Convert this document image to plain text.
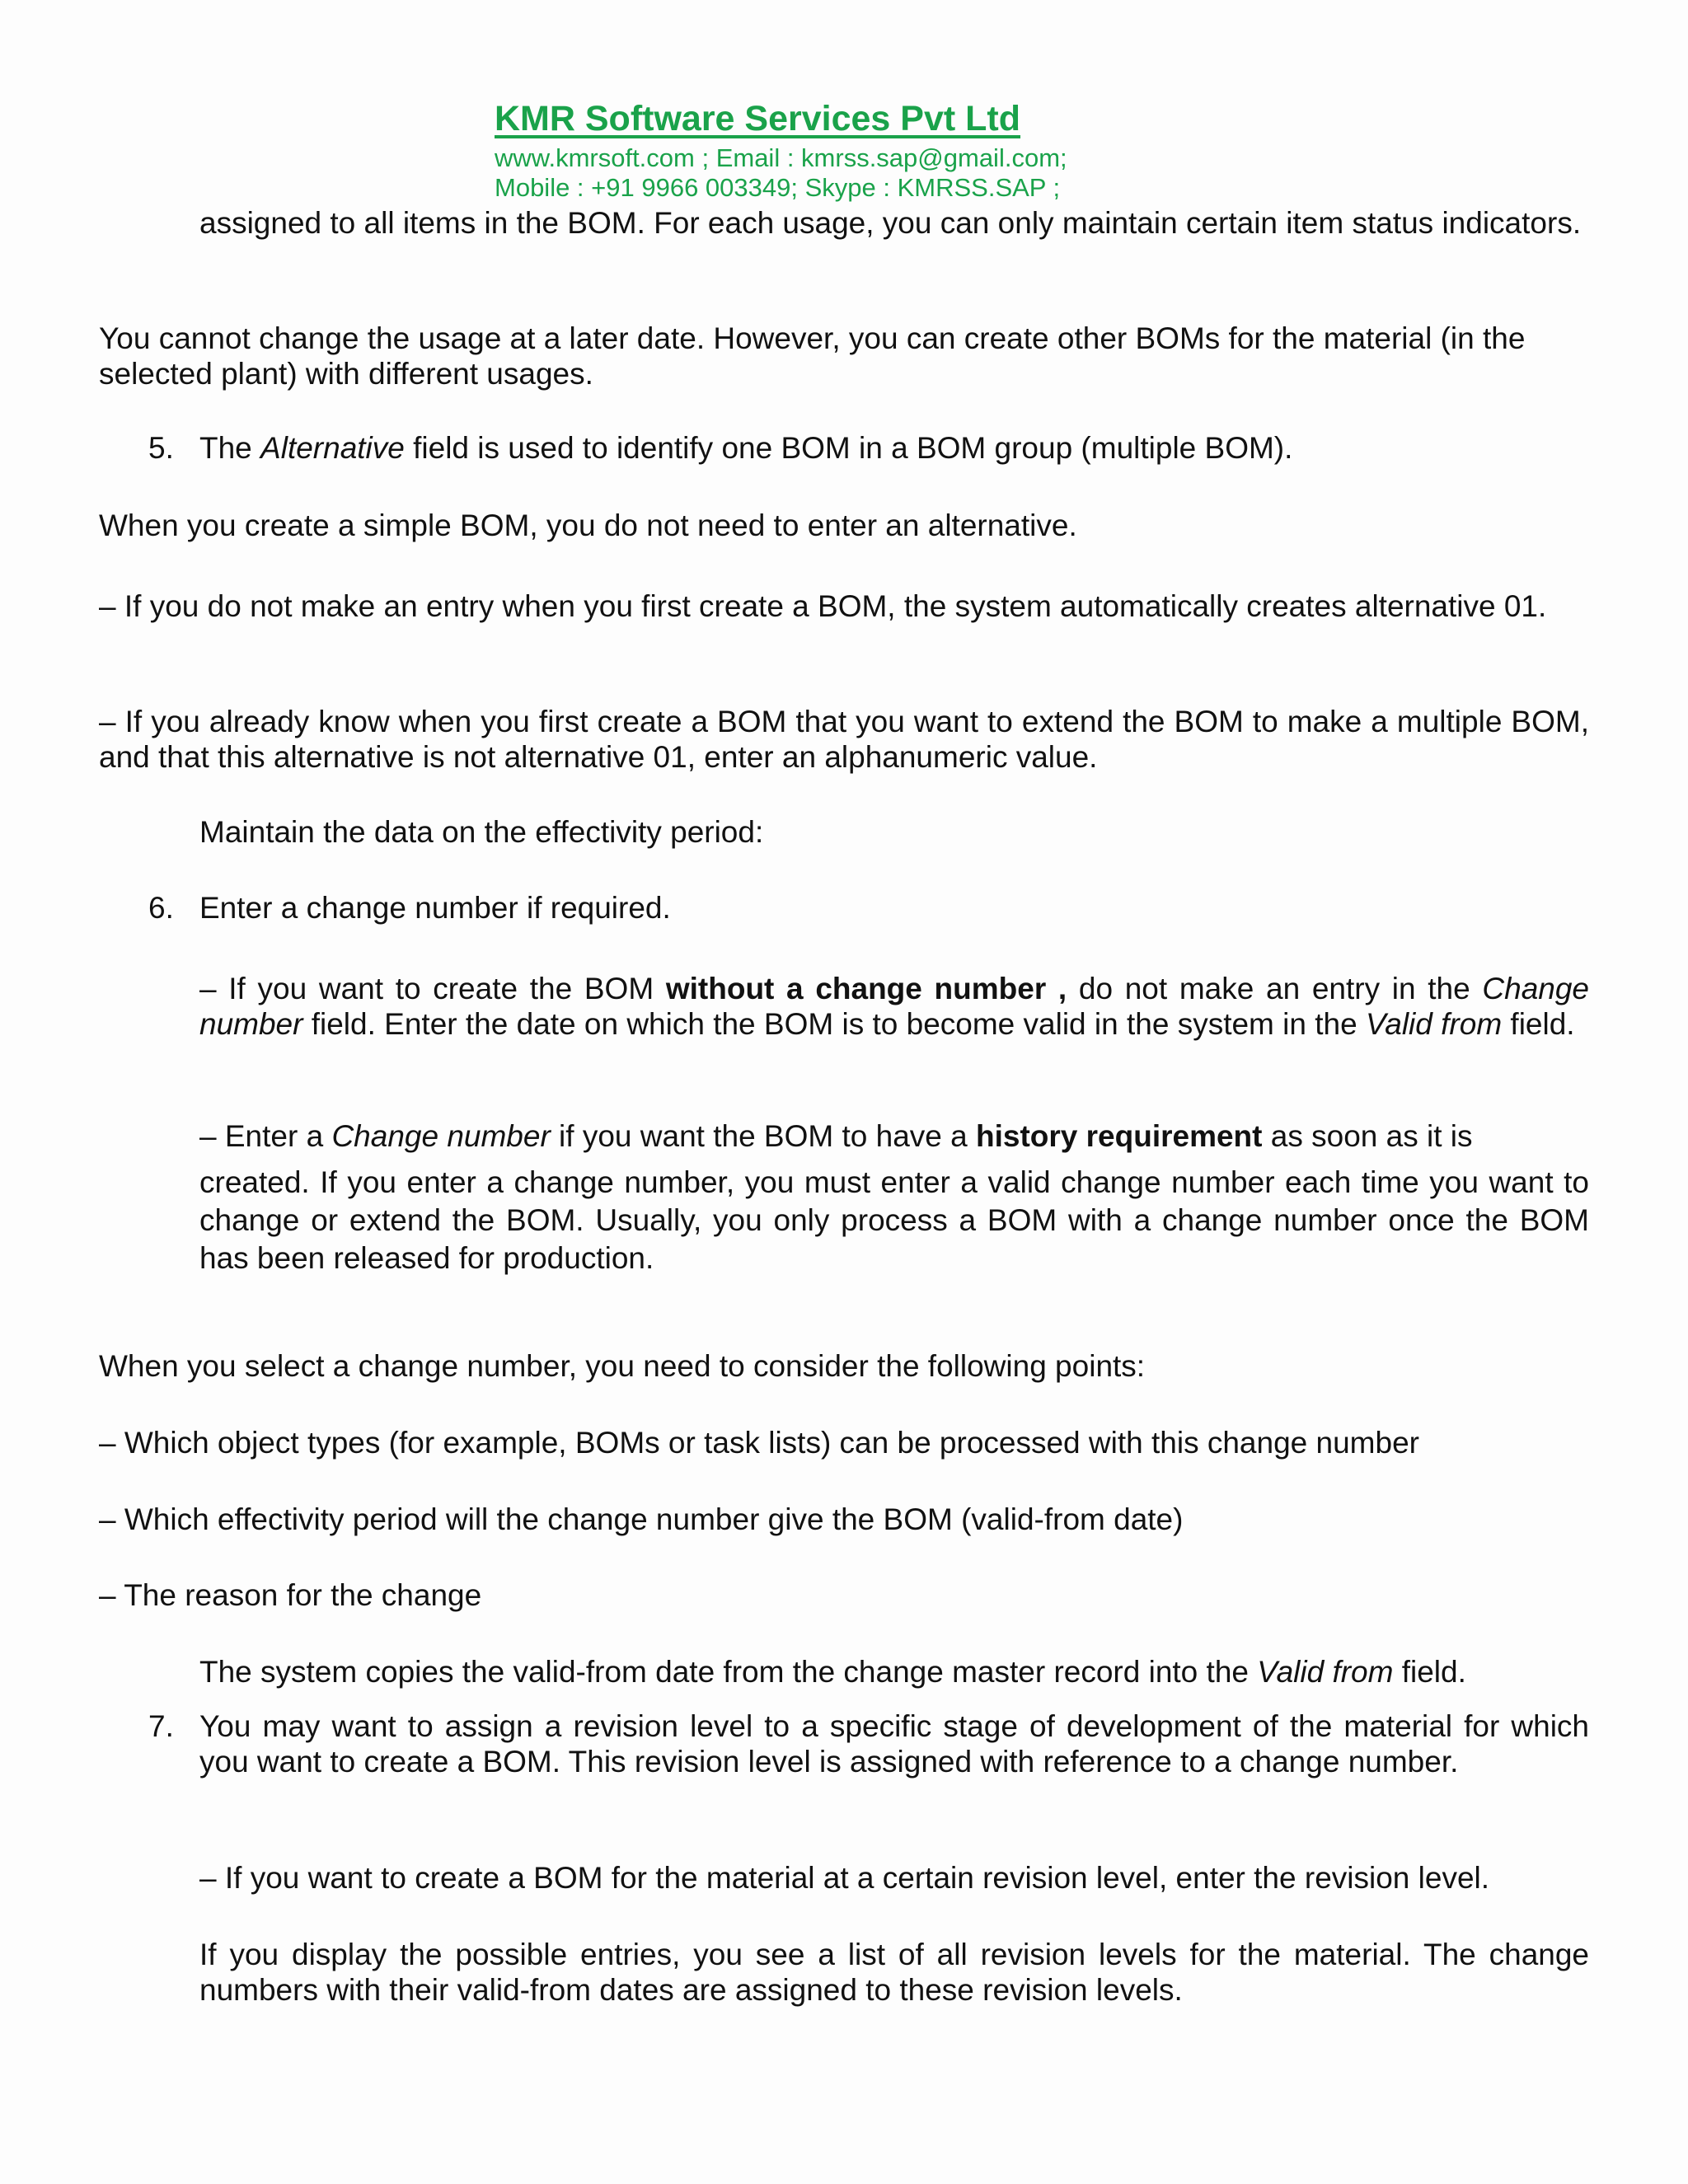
KMR Software Services Pvt Ltd
www.kmrsoft.com ; Email : kmrss.sap@gmail.com;
Mobile : +91 9966 003349; Skype : KMRSS.SAP ;

assigned to all items in the BOM. For each usage, you can only maintain certain item status indicators.

You cannot change the usage at a later date. However, you can create other BOMs for the material (in the selected plant) with different usages.

5. The Alternative field is used to identify one BOM in a BOM group (multiple BOM).

When you create a simple BOM, you do not need to enter an alternative.

– If you do not make an entry when you first create a BOM, the system automatically creates alternative 01.

– If you already know when you first create a BOM that you want to extend the BOM to make a multiple BOM, and that this alternative is not alternative 01, enter an alphanumeric value.

Maintain the data on the effectivity period:

6. Enter a change number if required.

– If you want to create the BOM without a change number , do not make an entry in the Change number field. Enter the date on which the BOM is to become valid in the system in the Valid from field.

– Enter a Change number if you want the BOM to have a history requirement as soon as it is

created. If you enter a change number, you must enter a valid change number each time you want to change or extend the BOM. Usually, you only process a BOM with a change number once the BOM has been released for production.

When you select a change number, you need to consider the following points:

– Which object types (for example, BOMs or task lists) can be processed with this change number

– Which effectivity period will the change number give the BOM (valid-from date)

– The reason for the change

The system copies the valid-from date from the change master record into the Valid from field.

7. You may want to assign a revision level to a specific stage of development of the material for which you want to create a BOM. This revision level is assigned with reference to a change number.

– If you want to create a BOM for the material at a certain revision level, enter the revision level.

If you display the possible entries, you see a list of all revision levels for the material. The change numbers with their valid-from dates are assigned to these revision levels.
